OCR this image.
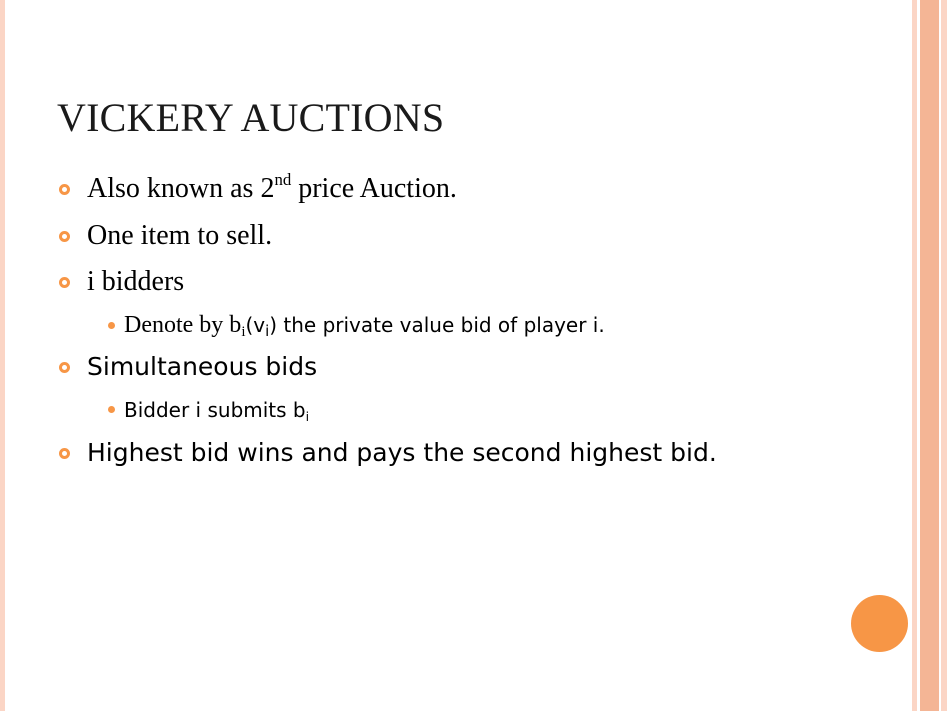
VICKERY AUCTIONS
Also known as 2nd price Auction.
One item to sell.
i bidders
Denote by $b_i(v_i)$ the private value bid of player i.
Simultaneous bids
Bidder i submits $b_i$
Highest bid wins and pays the second highest bid.
